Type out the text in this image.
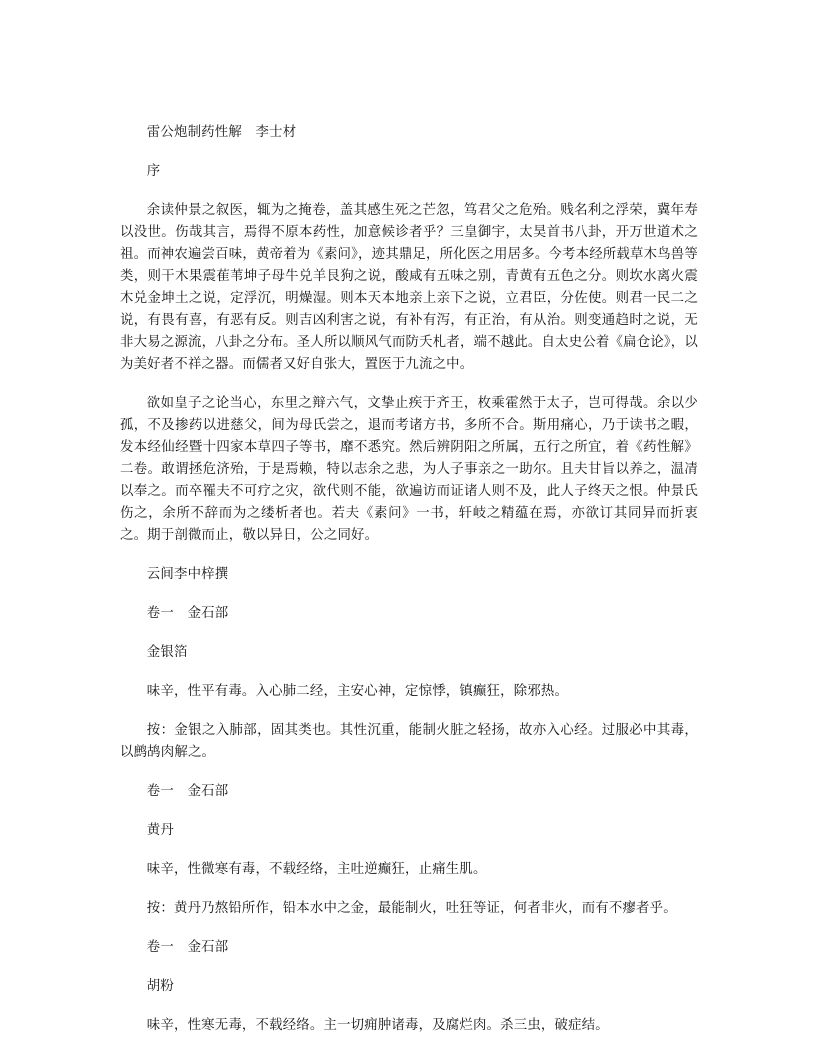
雷公炮制药性解　李士材

序

余读仲景之叙医，辄为之掩卷，盖其感生死之芒忽，笃君父之危殆。贱名利之浮荣，冀年寿以没世。伤哉其言，焉得不原本药性，加意候诊者乎？三皇御宇，太昊首书八卦，开万世道术之祖。而神农遍尝百味，黄帝着为《素问》，迹其鼎足，所化医之用居多。今考本经所载草木鸟兽等类，则干木果震萑苇坤子母牛兑羊艮狗之说，酸咸有五味之别，青黄有五色之分。则坎水离火震木兑金坤土之说，定浮沉，明燥湿。则本天本地亲上亲下之说，立君臣，分佐使。则君一民二之说，有畏有喜，有恶有反。则吉凶利害之说，有补有泻，有正治，有从治。则变通趋时之说，无非大易之源流，八卦之分布。圣人所以顺风气而防夭札者，端不越此。自太史公着《扁仓论》，以为美好者不祥之器。而儒者又好自张大，置医于九流之中。

欲如皇子之论当心，东里之辩六气，文挚止疾于齐王，枚乘霍然于太子，岂可得哉。余以少孤，不及掺药以进慈父，间为母氏尝之，退而考诸方书，多所不合。斯用痛心，乃于读书之暇，发本经仙经暨十四家本草四子等书，靡不悉究。然后辨阴阳之所属，五行之所宜，着《药性解》二卷。敢谓拯危济殆，于是焉赖，特以志余之悲，为人子事亲之一助尔。且夫甘旨以养之，温凊以奉之。而卒罹夫不可疗之灾，欲代则不能，欲遍访而证诸人则不及，此人子终天之恨。仲景氏伤之，余所不辞而为之缕析者也。若夫《素问》一书，轩岐之精蕴在焉，亦欲订其同异而折衷之。期于剖微而止，敬以异日，公之同好。

云间李中梓撰

卷一　金石部

金银箔

味辛，性平有毒。入心肺二经，主安心神，定惊悸，镇癫狂，除邪热。

按：金银之入肺部，固其类也。其性沉重，能制火脏之轻扬，故亦入心经。过服必中其毒，以鹧鸪肉解之。

卷一　金石部

黄丹

味辛，性微寒有毒，不载经络，主吐逆癫狂，止痛生肌。

按：黄丹乃熬铅所作，铅本水中之金，最能制火，吐狂等证，何者非火，而有不瘳者乎。

卷一　金石部

胡粉

味辛，性寒无毒，不载经络。主一切痈肿诸毒，及腐烂肉。杀三虫，破症结。
